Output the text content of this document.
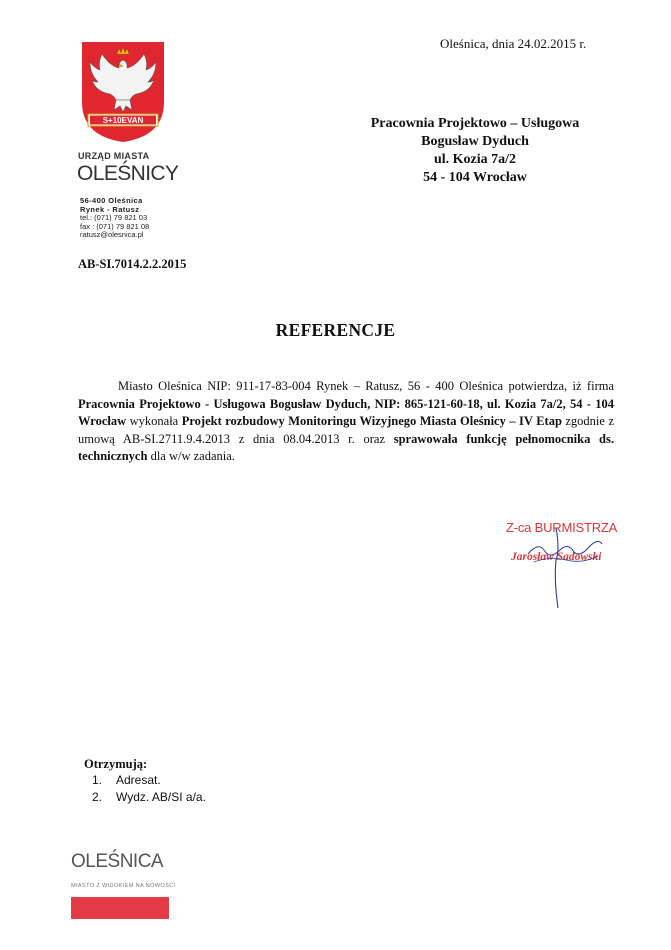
Oleśnica, dnia 24.02.2015 r.
S+10EVAN
URZĄD MIASTA
OLEŚNICY
56-400 Oleśnica
Rynek - Ratusz
tel.: (071) 79 821 03
fax : (071) 79 821 08
ratusz@olesnica.pl
AB-SI.7014.2.2.2015
Pracownia Projektowo – Usługowa
Bogusław Dyduch
ul. Kozia 7a/2
54 - 104 Wrocław
REFERENCJE
Miasto Oleśnica NIP: 911-17-83-004 Rynek – Ratusz, 56 - 400 Oleśnica potwierdza, iż firma Pracownia Projektowo - Usługowa Bogusław Dyduch, NIP: 865-121-60-18, ul. Kozia 7a/2, 54 - 104 Wrocław wykonała Projekt rozbudowy Monitoringu Wizyjnego Miasta Oleśnicy – IV Etap zgodnie z umową AB-SI.2711.9.4.2013 z dnia 08.04.2013 r. oraz sprawowała funkcję pełnomocnika ds. technicznych dla w/w zadania.
Z-ca BURMISTRZA
Jarosław Sadowski
Otrzymują:
1. Adresat.
2. Wydz. AB/SI a/a.
OLEŚNICA
MIASTO Z WIDOKIEM NA NOWOŚCI
